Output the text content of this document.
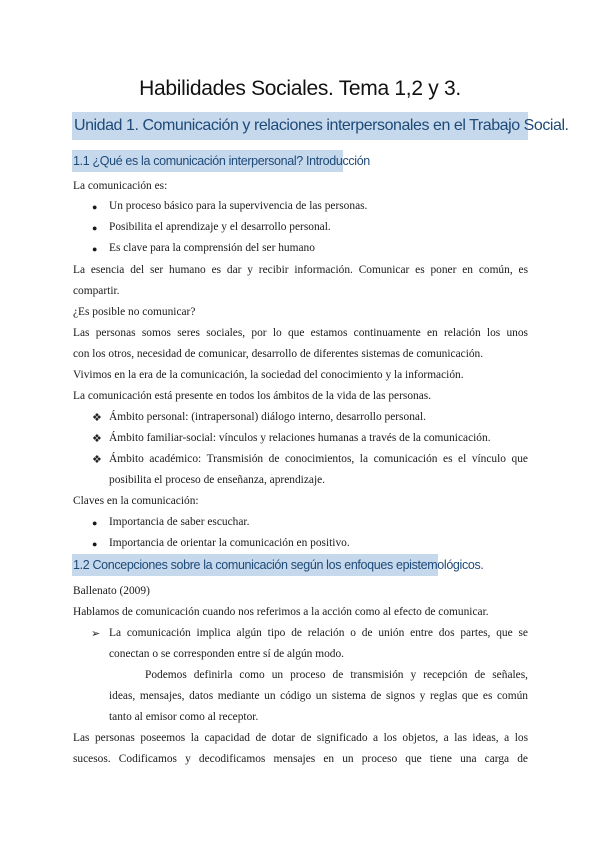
Habilidades Sociales. Tema 1,2 y 3.
Unidad 1. Comunicación y relaciones interpersonales en el Trabajo Social.
1.1 ¿Qué es la comunicación interpersonal? Introducción
La comunicación es:
● Un proceso básico para la supervivencia de las personas.
● Posibilita el aprendizaje y el desarrollo personal.
● Es clave para la comprensión del ser humano
La esencia del ser humano es dar y recibir información. Comunicar es poner en común, es
compartir.
¿Es posible no comunicar?
Las personas somos seres sociales, por lo que estamos continuamente en relación los unos
con los otros, necesidad de comunicar, desarrollo de diferentes sistemas de comunicación.
Vivimos en la era de la comunicación, la sociedad del conocimiento y la información.
La comunicación está presente en todos los ámbitos de la vida de las personas.
❖ Ámbito personal: (intrapersonal) diálogo interno, desarrollo personal.
❖ Ámbito familiar-social: vínculos y relaciones humanas a través de la comunicación.
❖ Ámbito académico: Transmisión de conocimientos, la comunicación es el vínculo que
posibilita el proceso de enseñanza, aprendizaje.
Claves en la comunicación:
● Importancia de saber escuchar.
● Importancia de orientar la comunicación en positivo.
1.2 Concepciones sobre la comunicación según los enfoques epistemológicos.
Ballenato (2009)
Hablamos de comunicación cuando nos referimos a la acción como al efecto de comunicar.
➢ La comunicación implica algún tipo de relación o de unión entre dos partes, que se
conectan o se corresponden entre sí de algún modo.
Podemos definirla como un proceso de transmisión y recepción de señales,
ideas, mensajes, datos mediante un código un sistema de signos y reglas que es común
tanto al emisor como al receptor.
Las personas poseemos la capacidad de dotar de significado a los objetos, a las ideas, a los
sucesos. Codificamos y decodificamos mensajes en un proceso que tiene una carga de
